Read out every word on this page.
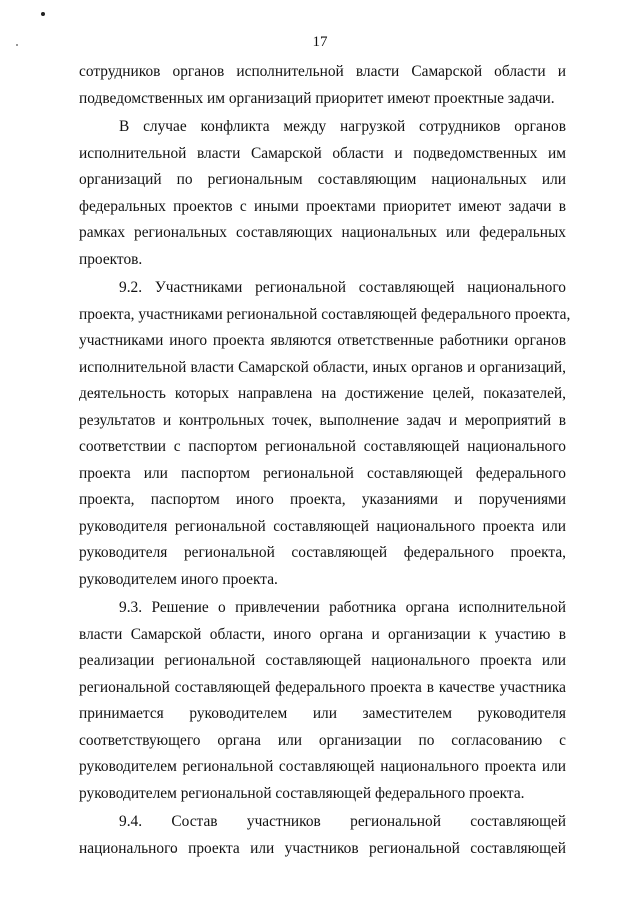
17
сотрудников органов исполнительной власти Самарской области и
подведомственных им организаций приоритет имеют проектные задачи.
В случае конфликта между нагрузкой сотрудников органов
исполнительной власти Самарской области и подведомственных им
организаций по региональным составляющим национальных или
федеральных проектов с иными проектами приоритет имеют задачи в
рамках региональных составляющих национальных или федеральных
проектов.
9.2. Участниками региональной составляющей национального
проекта, участниками региональной составляющей федерального проекта,
участниками иного проекта являются ответственные работники органов
исполнительной власти Самарской области, иных органов и организаций,
деятельность которых направлена на достижение целей, показателей,
результатов и контрольных точек, выполнение задач и мероприятий в
соответствии с паспортом региональной составляющей национального
проекта или паспортом региональной составляющей федерального
проекта, паспортом иного проекта, указаниями и поручениями
руководителя региональной составляющей национального проекта или
руководителя региональной составляющей федерального проекта,
руководителем иного проекта.
9.3. Решение о привлечении работника органа исполнительной
власти Самарской области, иного органа и организации к участию в
реализации региональной составляющей национального проекта или
региональной составляющей федерального проекта в качестве участника
принимается руководителем или заместителем руководителя
соответствующего органа или организации по согласованию с
руководителем региональной составляющей национального проекта или
руководителем региональной составляющей федерального проекта.
9.4. Состав участников региональной составляющей
национального проекта или участников региональной составляющей
